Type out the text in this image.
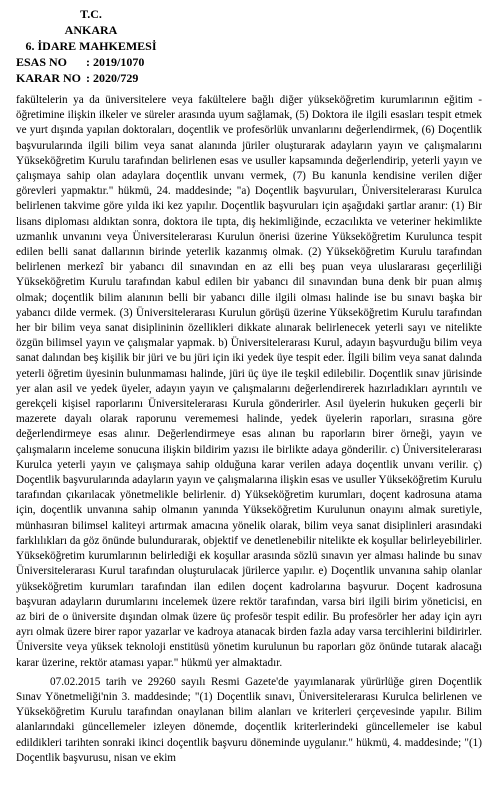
T.C.
ANKARA
6. İDARE MAHKEMESİ
ESAS NO	: 2019/1070
KARAR NO : 2020/729

fakültelerin ya da üniversitelere veya fakültelere bağlı diğer yükseköğretim kurumlarının eğitim - öğretimine ilişkin ilkeler ve süreler arasında uyum sağlamak, (5) Doktora ile ilgili esasları tespit etmek ve yurt dışında yapılan doktoraları, doçentlik ve profesörlük unvanlarını değerlendirmek, (6) Doçentlik başvurularında ilgili bilim veya sanat alanında jüriler oluşturarak adayların yayın ve çalışmalarını Yükseköğretim Kurulu tarafından belirlenen esas ve usuller kapsamında değerlendirip, yeterli yayın ve çalışmaya sahip olan adaylara doçentlik unvanı vermek, (7) Bu kanunla kendisine verilen diğer görevleri yapmaktır." hükmü, 24. maddesinde; "a) Doçentlik başvuruları, Üniversitelerarası Kurulca belirlenen takvime göre yılda iki kez yapılır. Doçentlik başvuruları için aşağıdaki şartlar aranır: (1) Bir lisans diploması aldıktan sonra, doktora ile tıpta, diş hekimliğinde, eczacılıkta ve veteriner hekimlikte uzmanlık unvanını veya Üniversitelerarası Kurulun önerisi üzerine Yükseköğretim Kurulunca tespit edilen belli sanat dallarının birinde yeterlik kazanmış olmak. (2) Yükseköğretim Kurulu tarafından belirlenen merkezî bir yabancı dil sınavından en az elli beş puan veya uluslararası geçerliliği Yükseköğretim Kurulu tarafından kabul edilen bir yabancı dil sınavından buna denk bir puan almış olmak; doçentlik bilim alanının belli bir yabancı dille ilgili olması halinde ise bu sınavı başka bir yabancı dilde vermek. (3) Üniversitelerarası Kurulun görüşü üzerine Yükseköğretim Kurulu tarafından her bir bilim veya sanat disiplininin özellikleri dikkate alınarak belirlenecek yeterli sayı ve nitelikte özgün bilimsel yayın ve çalışmalar yapmak. b) Üniversitelerarası Kurul, adayın başvurduğu bilim veya sanat dalından beş kişilik bir jüri ve bu jüri için iki yedek üye tespit eder. İlgili bilim veya sanat dalında yeterli öğretim üyesinin bulunmaması halinde, jüri üç üye ile teşkil edilebilir. Doçentlik sınav jürisinde yer alan asil ve yedek üyeler, adayın yayın ve çalışmalarını değerlendirerek hazırladıkları ayrıntılı ve gerekçeli kişisel raporlarını Üniversitelerarası Kurula gönderirler. Asıl üyelerin hukuken geçerli bir mazerete dayalı olarak raporunu verememesi halinde, yedek üyelerin raporları, sırasına göre değerlendirmeye esas alınır. Değerlendirmeye esas alınan bu raporların birer örneği, yayın ve çalışmaların inceleme sonucuna ilişkin bildirim yazısı ile birlikte adaya gönderilir. c) Üniversitelerarası Kurulca yeterli yayın ve çalışmaya sahip olduğuna karar verilen adaya doçentlik unvanı verilir. ç) Doçentlik başvurularında adayların yayın ve çalışmalarına ilişkin esas ve usuller Yükseköğretim Kurulu tarafından çıkarılacak yönetmelikle belirlenir. d) Yükseköğretim kurumları, doçent kadrosuna atama için, doçentlik unvanına sahip olmanın yanında Yükseköğretim Kurulunun onayını almak suretiyle, münhasıran bilimsel kaliteyi artırmak amacına yönelik olarak, bilim veya sanat disiplinleri arasındaki farklılıkları da göz önünde bulundurarak, objektif ve denetlenebilir nitelikte ek koşullar belirleyebilirler. Yükseköğretim kurumlarının belirlediği ek koşullar arasında sözlü sınavın yer alması halinde bu sınav Üniversitelerarası Kurul tarafından oluşturulacak jürilerce yapılır. e) Doçentlik unvanına sahip olanlar yükseköğretim kurumları tarafından ilan edilen doçent kadrolarına başvurur. Doçent kadrosuna başvuran adayların durumlarını incelemek üzere rektör tarafından, varsa biri ilgili birim yöneticisi, en az biri de o üniversite dışından olmak üzere üç profesör tespit edilir. Bu profesörler her aday için ayrı ayrı olmak üzere birer rapor yazarlar ve kadroya atanacak birden fazla aday varsa tercihlerini bildirirler. Üniversite veya yüksek teknoloji enstitüsü yönetim kurulunun bu raporları göz önünde tutarak alacağı karar üzerine, rektör ataması yapar." hükmü yer almaktadır.

07.02.2015 tarih ve 29260 sayılı Resmi Gazete'de yayımlanarak yürürlüğe giren Doçentlik Sınav Yönetmeliği'nin 3. maddesinde; "(1) Doçentlik sınavı, Üniversitelerarası Kurulca belirlenen ve Yükseköğretim Kurulu tarafından onaylanan bilim alanları ve kriterleri çerçevesinde yapılır. Bilim alanlarındaki güncellemeler izleyen dönemde, doçentlik kriterlerindeki güncellemeler ise kabul edildikleri tarihten sonraki ikinci doçentlik başvuru döneminde uygulanır." hükmü, 4. maddesinde; "(1) Doçentlik başvurusu, nisan ve ekim
